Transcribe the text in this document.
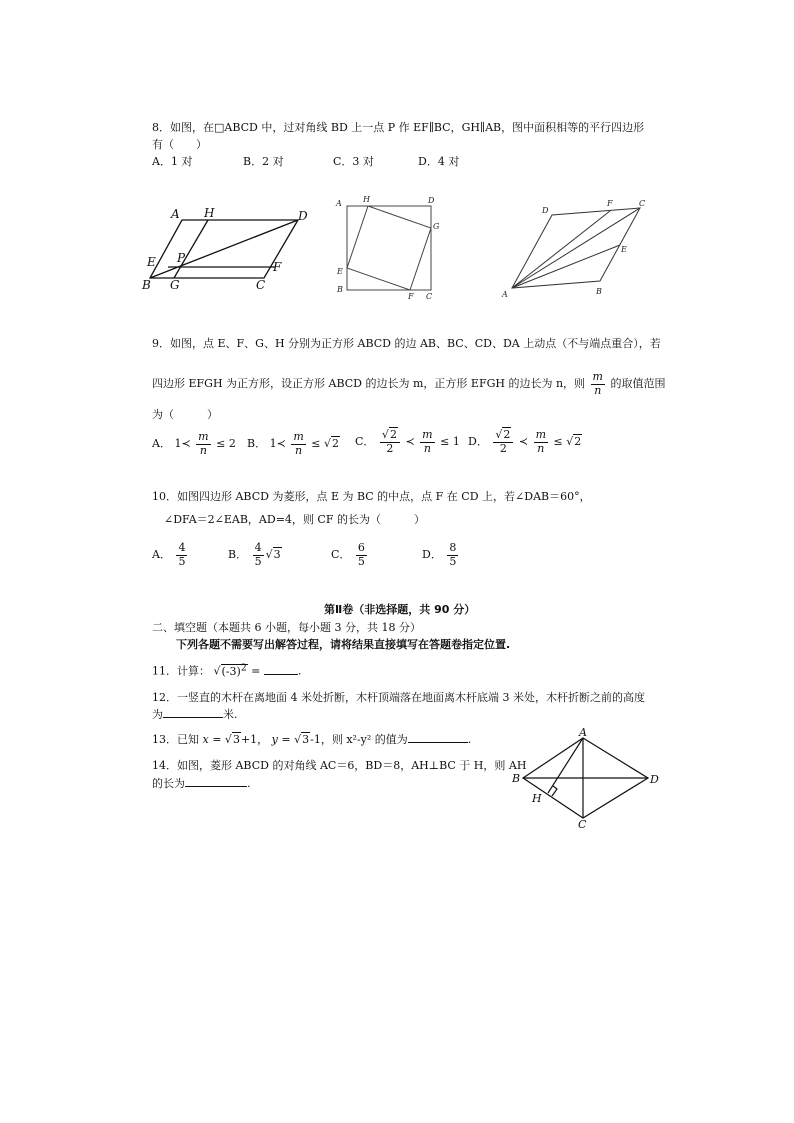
8．如图，在□ABCD 中，过对角线 BD 上一点 P 作 EF∥BC，GH∥AB，图中面积相等的平行四边形
有（　　）
A．1 对	B．2 对	C．3 对	D．4 对
A H	D
E P
F
B G	C
A	H	D
G
E
B
F C
D
F	C
E
A	B
9．如图，点 E、F、G、H 分别为正方形 ABCD 的边 AB、BC、CD、DA 上动点（不与端点重合），若
四边形 EFGH 为正方形，设正方形 ABCD 的边长为 m，正方形 EFGH 的边长为 n，则 $\frac{m}{n}$ 的取值范围
为（　　　）
A． 1≺ $\frac{m}{n} \le 2$ B． 1≺ $\frac{m}{n} \le √2$ C． $\frac{√2}{2}$ ≺ $\frac{m}{n} \le 1$ D． $\frac{√2}{2}$ ≺ $\frac{m}{n} \le √2$
10．如图四边形 ABCD 为菱形，点 E 为 BC 的中点，点 F 在 CD 上，若∠DAB＝60°，
∠DFA＝2∠EAB，AD=4，则 CF 的长为（　　　）
A． $\frac{4}{5}$	B． $\frac{4}{5} √3$	C． $\frac{6}{5}$	D． $\frac{8}{5}$
第Ⅱ卷（非选择题，共 90 分）
二、填空题（本题共 6 小题，每小题 3 分，共 18 分）
下列各题不需要写出解答过程，请将结果直接填写在答题卷指定位置.
11．计算： $√(-3)^2$ =	.
12．一竖直的木杆在离地面 4 米处折断，木杆顶端落在地面离木杆底端 3 米处，木杆折断之前的高度
为	米.
13．已知 x = √3+1， y = √3-1，则 x²-y² 的值为	.
14．如图，菱形 ABCD 的对角线 AC＝6，BD＝8，AH⊥BC 于 H，则 AH
的长为	.
A
B	D
H
C
